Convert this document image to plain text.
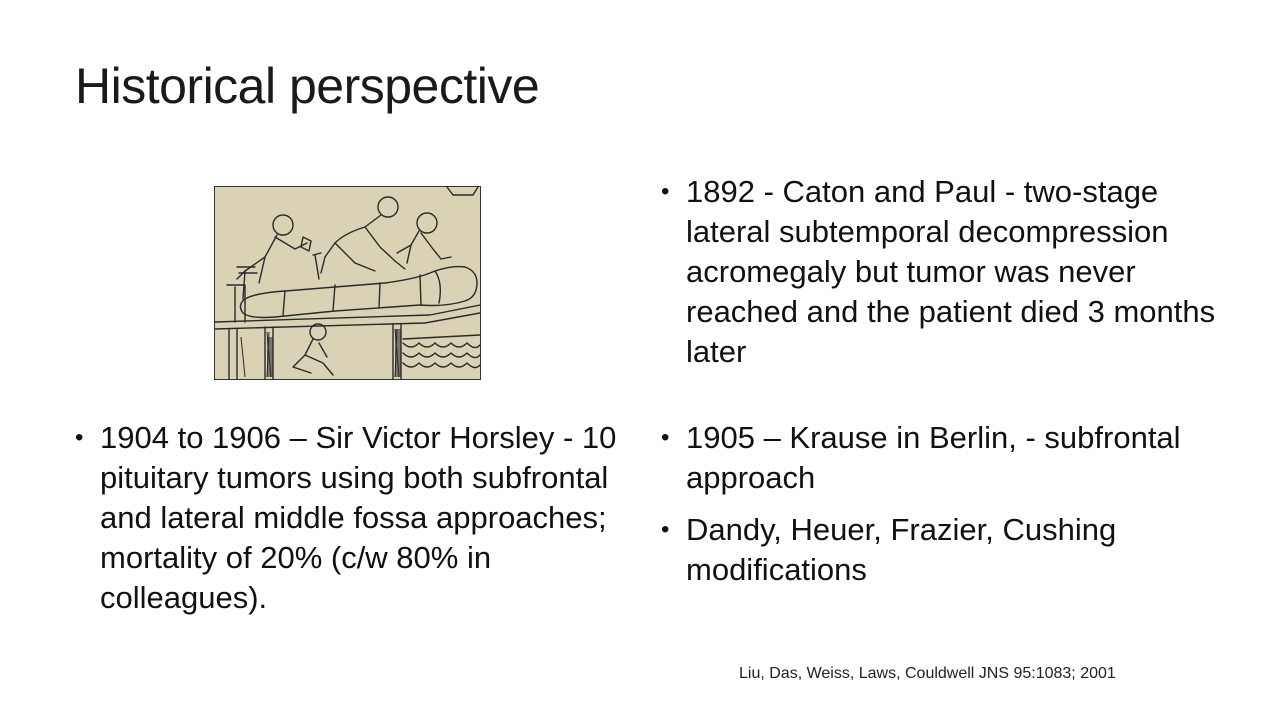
Historical perspective
• 1904 to 1906 – Sir Victor Horsley - 10 pituitary tumors using both subfrontal and lateral middle fossa approaches; mortality of 20% (c/w 80% in colleagues).
• 1892 - Caton and Paul - two-stage lateral subtemporal decompression acromegaly but tumor was never reached and the patient died 3 months later
• 1905 – Krause in Berlin, - subfrontal approach
• Dandy, Heuer, Frazier, Cushing modifications
Liu, Das, Weiss, Laws, Couldwell JNS 95:1083; 2001
